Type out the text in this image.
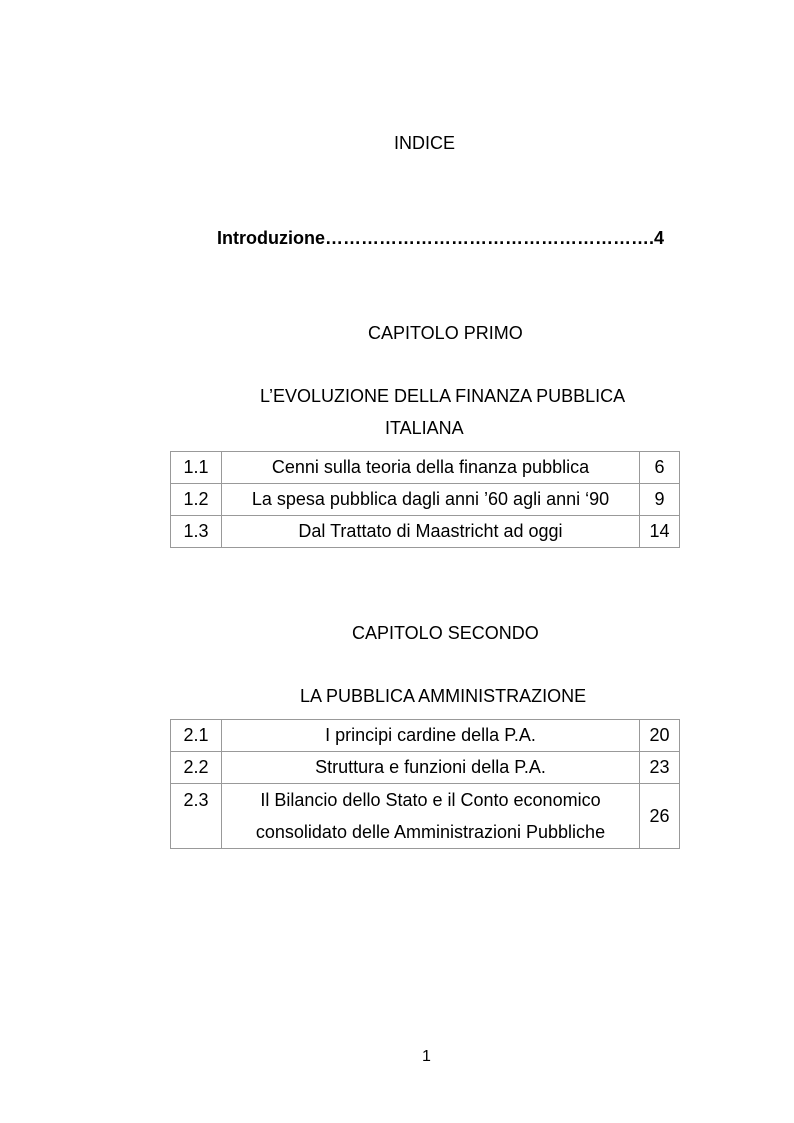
INDICE
Introduzione……………………………………………….4
CAPITOLO PRIMO
L’EVOLUZIONE DELLA FINANZA PUBBLICA
ITALIANA
1.1	Cenni sulla teoria della finanza pubblica	6
1.2	La spesa pubblica dagli anni ’60 agli anni ‘90	9
1.3	Dal Trattato di Maastricht ad oggi	14
CAPITOLO SECONDO
LA PUBBLICA AMMINISTRAZIONE
2.1	I principi cardine della P.A.	20
2.2	Struttura e funzioni della P.A.	23
2.3	Il Bilancio dello Stato e il Conto economico
consolidato delle Amministrazioni Pubbliche	26
1
